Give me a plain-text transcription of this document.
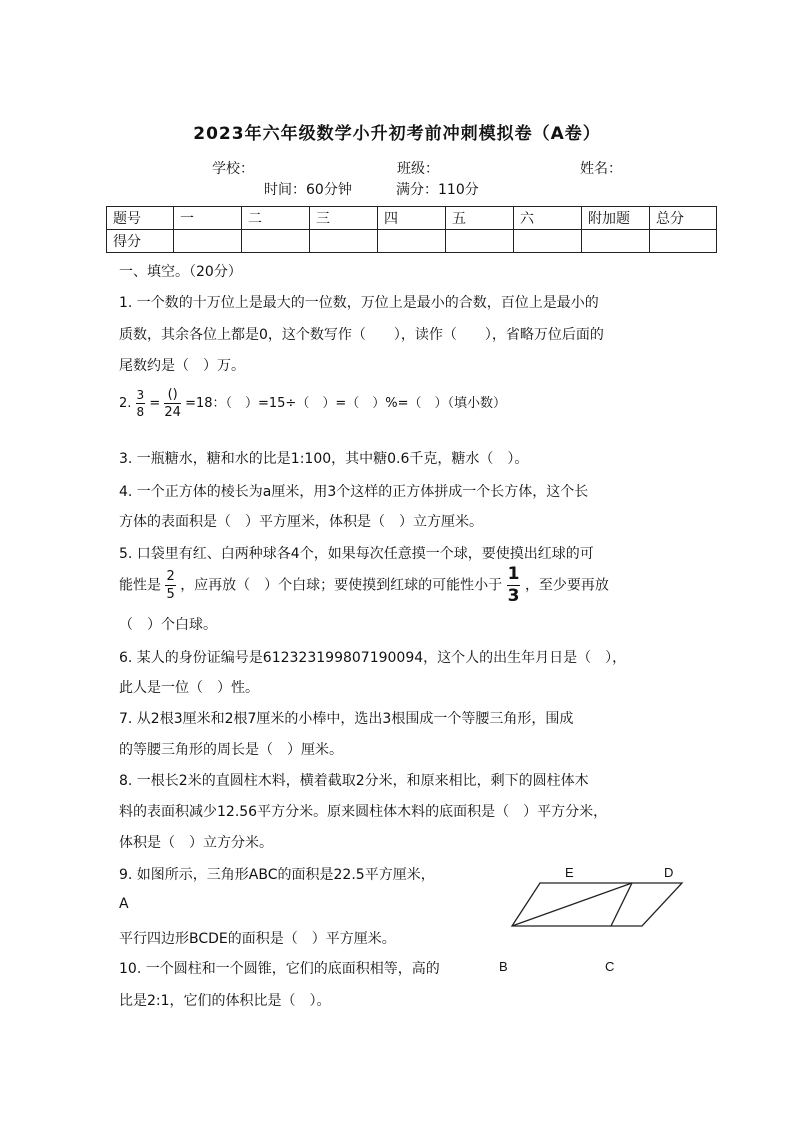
2023年六年级数学小升初考前冲刺模拟卷（A卷）
学校：	班级：	姓名：
时间：60分钟	满分：110分
题号	一	二	三	四	五	六	附加题	总分
得分								
一、填空。（20分）
1. 一个数的十万位上是最大的一位数，万位上是最小的合数，百位上是最小的
质数，其余各位上都是0，这个数写作（　　），读作（　　），省略万位后面的
尾数约是（　）万。
2. $\frac{3}{8} = \frac{()}{24} =18$：（　）=15÷（　）=（　）%=（　）（填小数）
3. 一瓶糖水，糖和水的比是1:100，其中糖0.6千克，糖水（　）。
4. 一个正方体的棱长为a厘米，用3个这样的正方体拼成一个长方体，这个长
方体的表面积是（　）平方厘米，体积是（　）立方厘米。
5. 口袋里有红、白两种球各4个，如果每次任意摸一个球，要使摸出红球的可
能性是 $\frac{2}{5}$ ，应再放（　）个白球；要使摸到红球的可能性小于 $\frac{1}{3}$ ，至少要再放
（　）个白球。
6. 某人的身份证编号是612323199807190094，这个人的出生年月日是（　），
此人是一位（　）性。
7. 从2根3厘米和2根7厘米的小棒中，选出3根围成一个等腰三角形，围成
的等腰三角形的周长是（　）厘米。
8. 一根长2米的直圆柱木料，横着截取2分米，和原来相比，剩下的圆柱体木
料的表面积减少12.56平方分米。原来圆柱体木料的底面积是（　）平方分米，
体积是（　）立方分米。
9. 如图所示，三角形ABC的面积是22.5平方厘米，
A
平行四边形BCDE的面积是（　）平方厘米。
10. 一个圆柱和一个圆锥，它们的底面积相等，高的
比是2:1，它们的体积比是（　）。
E	D
B	C
